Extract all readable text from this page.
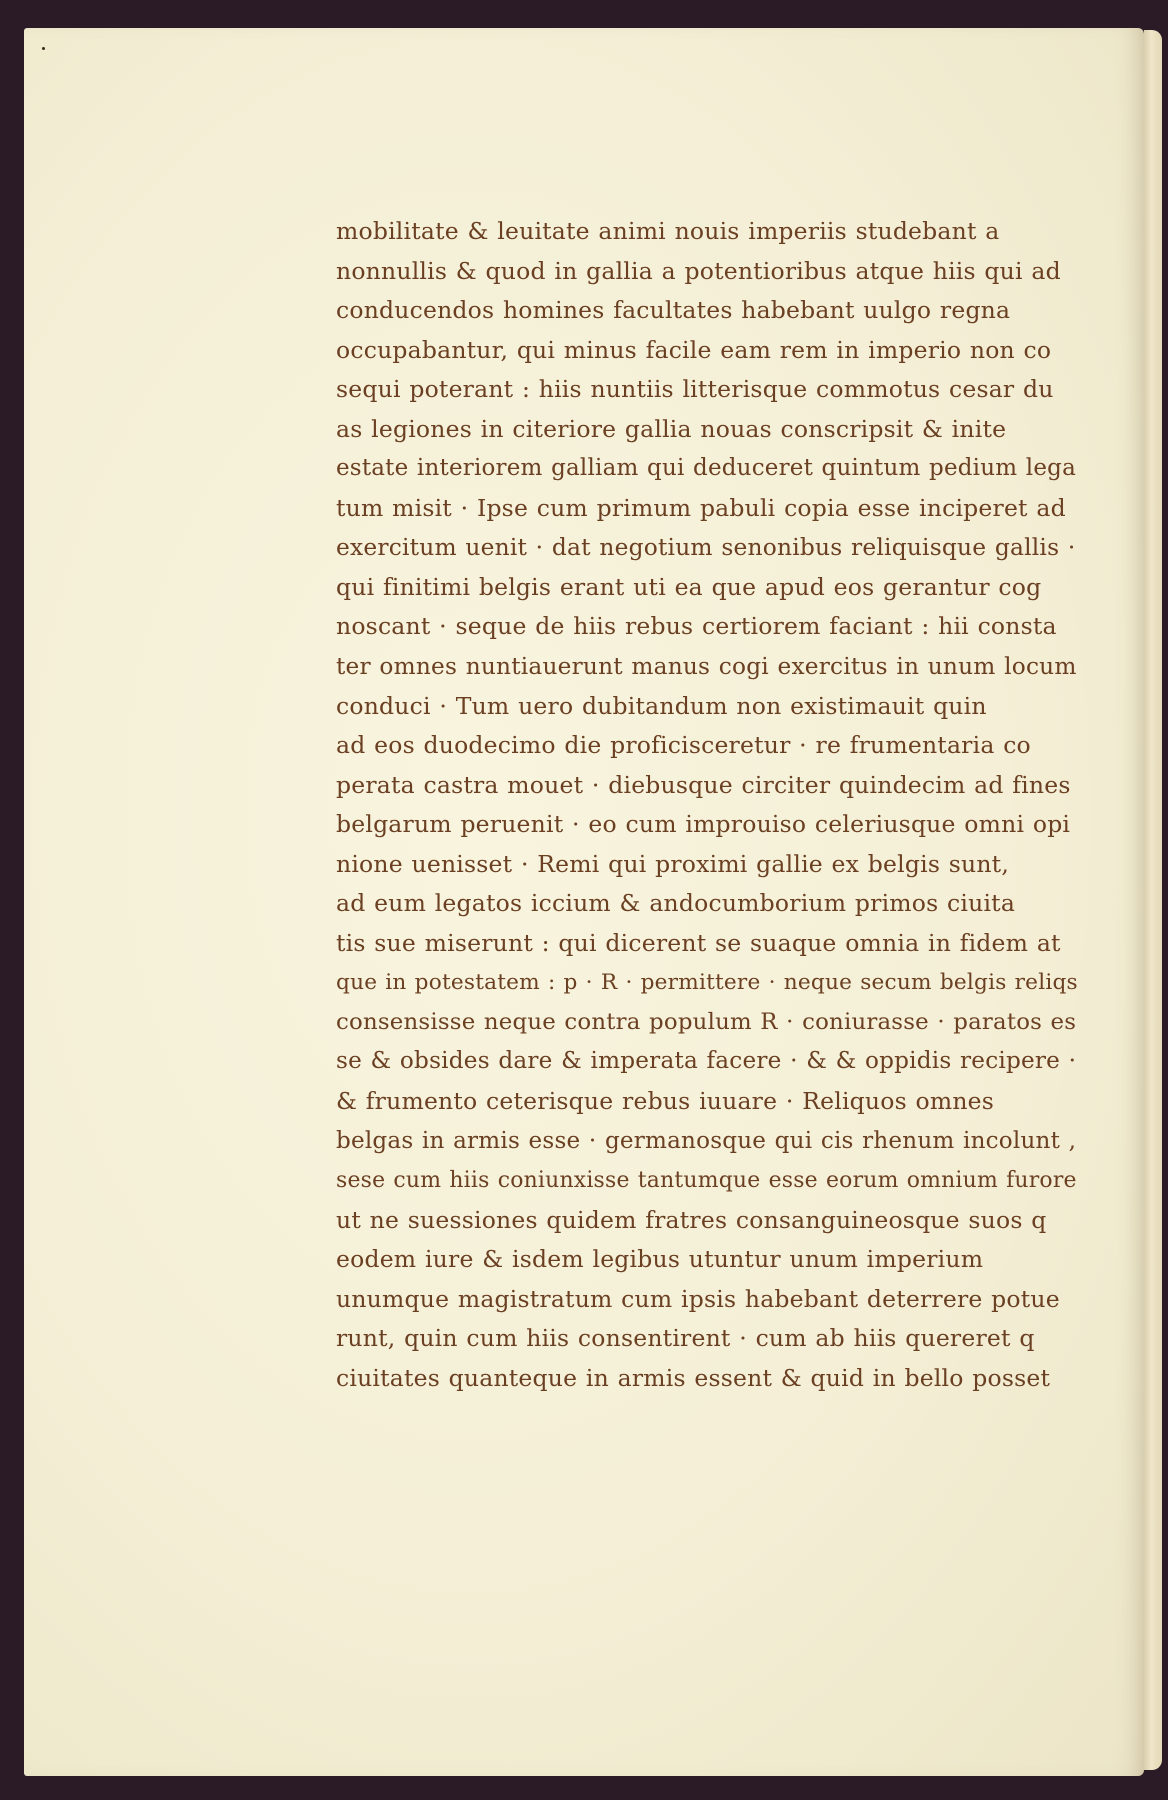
mobilitate & leuitate animi nouis imperiis studebant a
nonnullis & quod in gallia a potentioribus atque hiis qui ad
conducendos homines facultates habebant uulgo regna
occupabantur, qui minus facile eam rem in imperio non co
sequi poterant : hiis nuntiis litterisque commotus cesar du
as legiones in citeriore gallia nouas conscripsit & inite
estate interiorem galliam qui deduceret quintum pedium lega
tum misit · Ipse cum primum pabuli copia esse inciperet ad
exercitum uenit · dat negotium senonibus reliquisque gallis ·
qui finitimi belgis erant uti ea que apud eos gerantur cog
noscant · seque de hiis rebus certiorem faciant : hii consta
ter omnes nuntiauerunt manus cogi exercitus in unum locum
conduci · Tum uero dubitandum non existimauit quin
ad eos duodecimo die proficisceretur · re frumentaria co
perata castra mouet · diebusque circiter quindecim ad fines
belgarum peruenit · eo cum improuiso celeriusque omni opi
nione uenisset · Remi qui proximi gallie ex belgis sunt,
ad eum legatos iccium & andocumborium primos ciuita
tis sue miserunt : qui dicerent se suaque omnia in fidem at
que in potestatem : p · R · permittere · neque secum belgis reliqs
consensisse neque contra populum R · coniurasse · paratos es
se & obsides dare & imperata facere · & & oppidis recipere ·
& frumento ceterisque rebus iuuare · Reliquos omnes
belgas in armis esse · germanosque qui cis rhenum incolunt ,
sese cum hiis coniunxisse tantumque esse eorum omnium furore
ut ne suessiones quidem fratres consanguineosque suos q
eodem iure & isdem legibus utuntur unum imperium
unumque magistratum cum ipsis habebant deterrere potue
runt, quin cum hiis consentirent · cum ab hiis quereret q
ciuitates quanteque in armis essent & quid in bello posset
